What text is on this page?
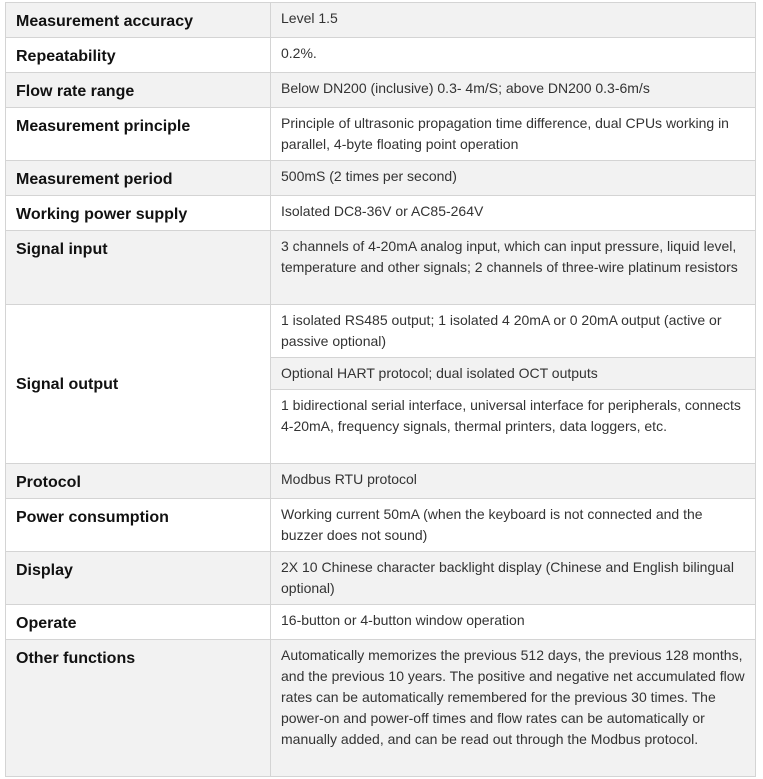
Measurement accuracy	Level 1.5
Repeatability	0.2%.
Flow rate range	Below DN200 (inclusive) 0.3- 4m/S; above DN200 0.3-6m/s
Measurement principle	Principle of ultrasonic propagation time difference, dual CPUs working in parallel, 4-byte floating point operation
Measurement period	500mS (2 times per second)
Working power supply	Isolated DC8-36V or AC85-264V
Signal input	3 channels of 4-20mA analog input, which can input pressure, liquid level, temperature and other signals; 2 channels of three-wire platinum resistors
Signal output	1 isolated RS485 output; 1 isolated 4 20mA or 0 20mA output (active or passive optional)
	Optional HART protocol; dual isolated OCT outputs
	1 bidirectional serial interface, universal interface for peripherals, connects 4-20mA, frequency signals, thermal printers, data loggers, etc.
Protocol	Modbus RTU protocol
Power consumption	Working current 50mA (when the keyboard is not connected and the buzzer does not sound)
Display	2X 10 Chinese character backlight display (Chinese and English bilingual optional)
Operate	16-button or 4-button window operation
Other functions	Automatically memorizes the previous 512 days, the previous 128 months, and the previous 10 years. The positive and negative net accumulated flow rates can be automatically remembered for the previous 30 times. The power-on and power-off times and flow rates can be automatically or manually added, and can be read out through the Modbus protocol.
